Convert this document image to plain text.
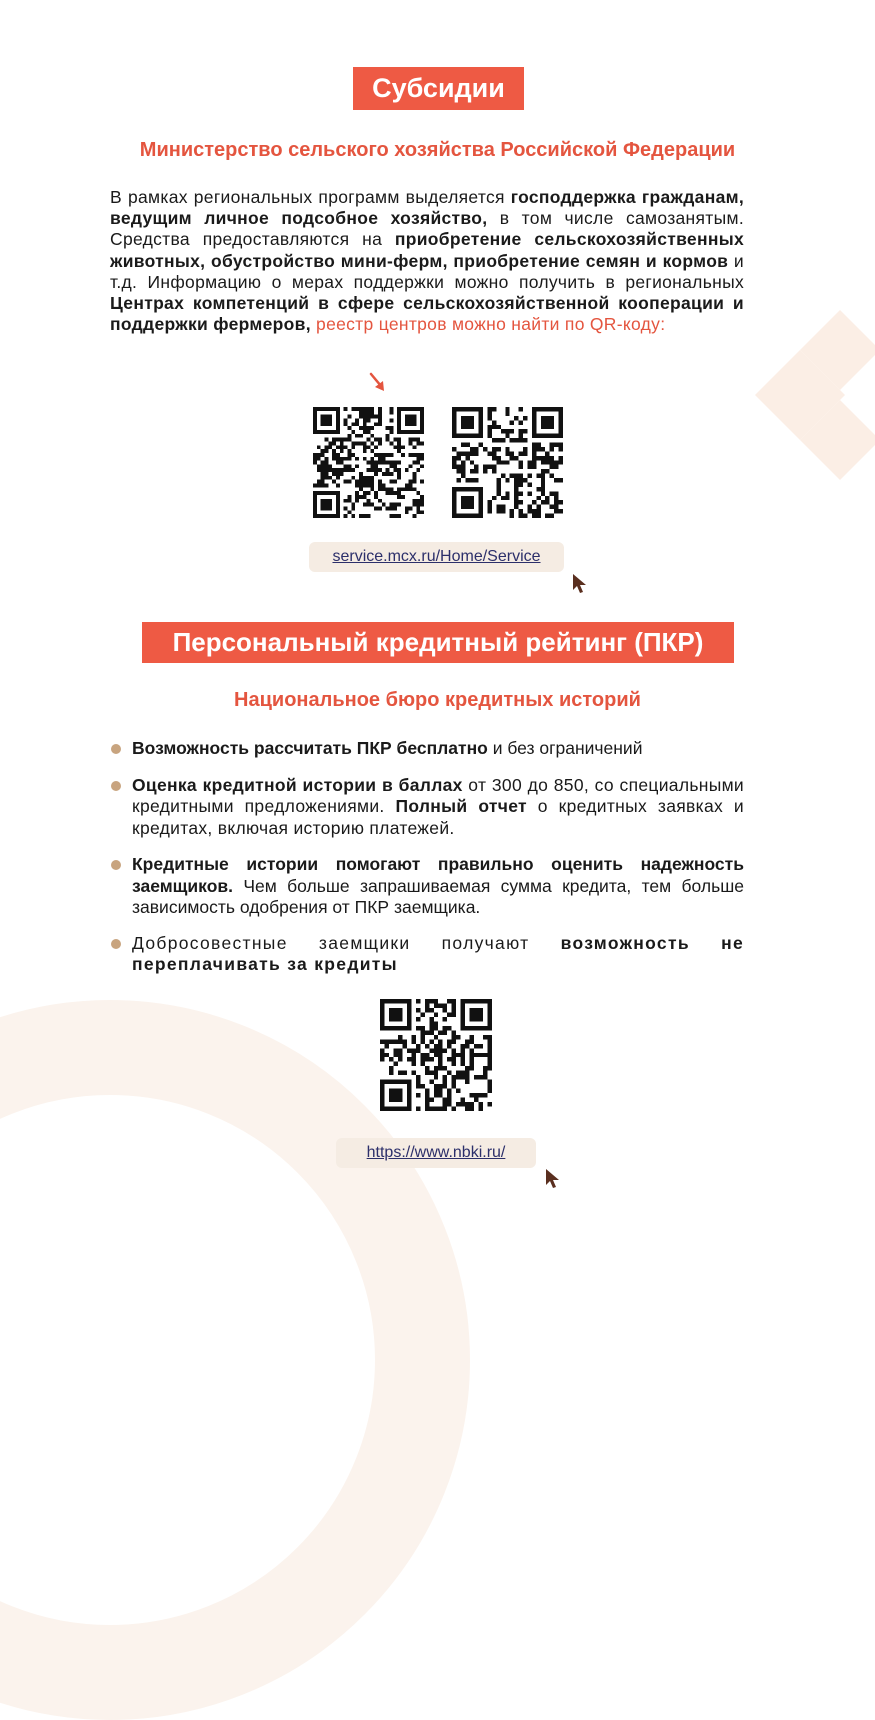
Субсидии
Министерство сельского хозяйства Российской Федерации
В рамках региональных программ выделяется господдержка гражданам, ведущим личное подсобное хозяйство, в том числе самозанятым. Средства предоставляются на приобретение сельскохозяйственных животных, обустройство мини-ферм, приобретение семян и кормов и т.д. Информацию о мерах поддержки можно получить в региональных Центрах компетенций в сфере сельскохозяйственной кооперации и поддержки фермеров, реестр центров можно найти по QR-коду:
service.mcx.ru/Home/Service
Персональный кредитный рейтинг (ПКР)
Национальное бюро кредитных историй
Возможность рассчитать ПКР бесплатно и без ограничений
Оценка кредитной истории в баллах от 300 до 850, со специальными кредитными предложениями. Полный отчет о кредитных заявках и кредитах, включая историю платежей.
Кредитные истории помогают правильно оценить надежность заемщиков. Чем больше запрашиваемая сумма кредита, тем больше зависимость одобрения от ПКР заемщика.
Добросовестные заемщики получают возможность не переплачивать за кредиты
https://www.nbki.ru/
